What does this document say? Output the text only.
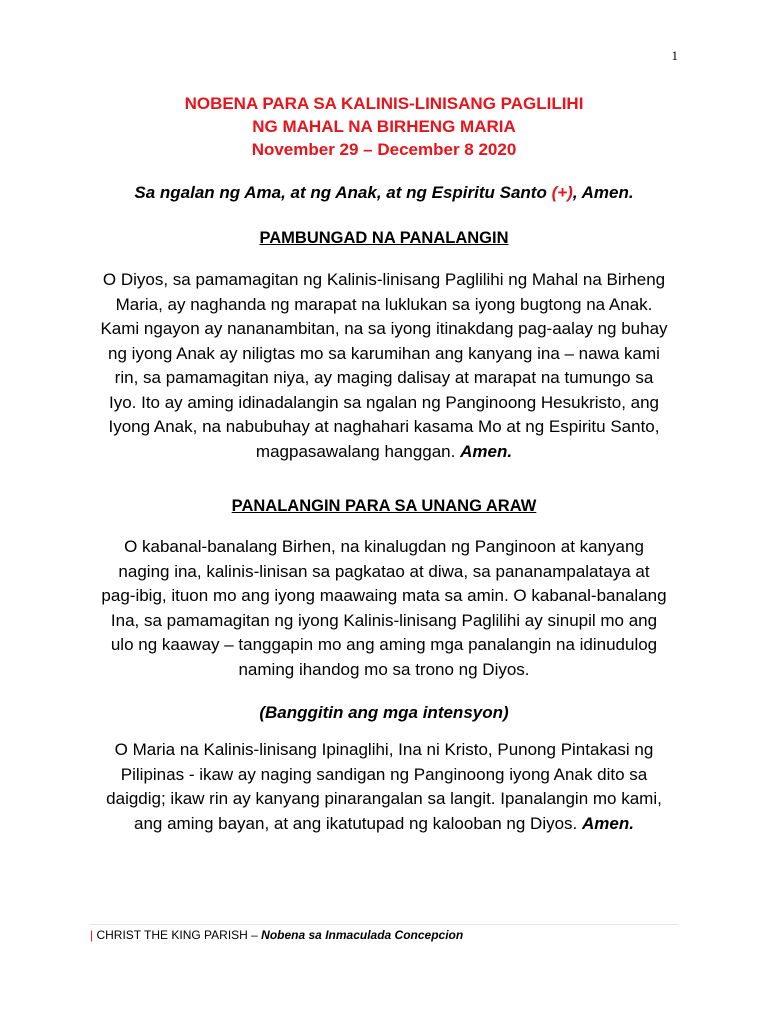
1
NOBENA PARA SA KALINIS-LINISANG PAGLILIHI
NG MAHAL NA BIRHENG MARIA
November 29 – December 8 2020
Sa ngalan ng Ama, at ng Anak, at ng Espiritu Santo (+), Amen.
PAMBUNGAD NA PANALANGIN
O Diyos, sa pamamagitan ng Kalinis-linisang Paglilihi ng Mahal na Birheng
Maria, ay naghanda ng marapat na luklukan sa iyong bugtong na Anak.
Kami ngayon ay nananambitan, na sa iyong itinakdang pag-aalay ng buhay
ng iyong Anak ay niligtas mo sa karumihan ang kanyang ina – nawa kami
rin, sa pamamagitan niya, ay maging dalisay at marapat na tumungo sa
Iyo. Ito ay aming idinadalangin sa ngalan ng Panginoong Hesukristo, ang
Iyong Anak, na nabubuhay at naghahari kasama Mo at ng Espiritu Santo,
magpasawalang hanggan. Amen.
PANALANGIN PARA SA UNANG ARAW
O kabanal-banalang Birhen, na kinalugdan ng Panginoon at kanyang
naging ina, kalinis-linisan sa pagkatao at diwa, sa pananampalataya at
pag-ibig, ituon mo ang iyong maawaing mata sa amin. O kabanal-banalang
Ina, sa pamamagitan ng iyong Kalinis-linisang Paglilihi ay sinupil mo ang
ulo ng kaaway – tanggapin mo ang aming mga panalangin na idinudulog
naming ihandog mo sa trono ng Diyos.
(Banggitin ang mga intensyon)
O Maria na Kalinis-linisang Ipinaglihi, Ina ni Kristo, Punong Pintakasi ng
Pilipinas - ikaw ay naging sandigan ng Panginoong iyong Anak dito sa
daigdig; ikaw rin ay kanyang pinarangalan sa langit. Ipanalangin mo kami,
ang aming bayan, at ang ikatutupad ng kalooban ng Diyos. Amen.
| CHRIST THE KING PARISH – Nobena sa Inmaculada Concepcion
